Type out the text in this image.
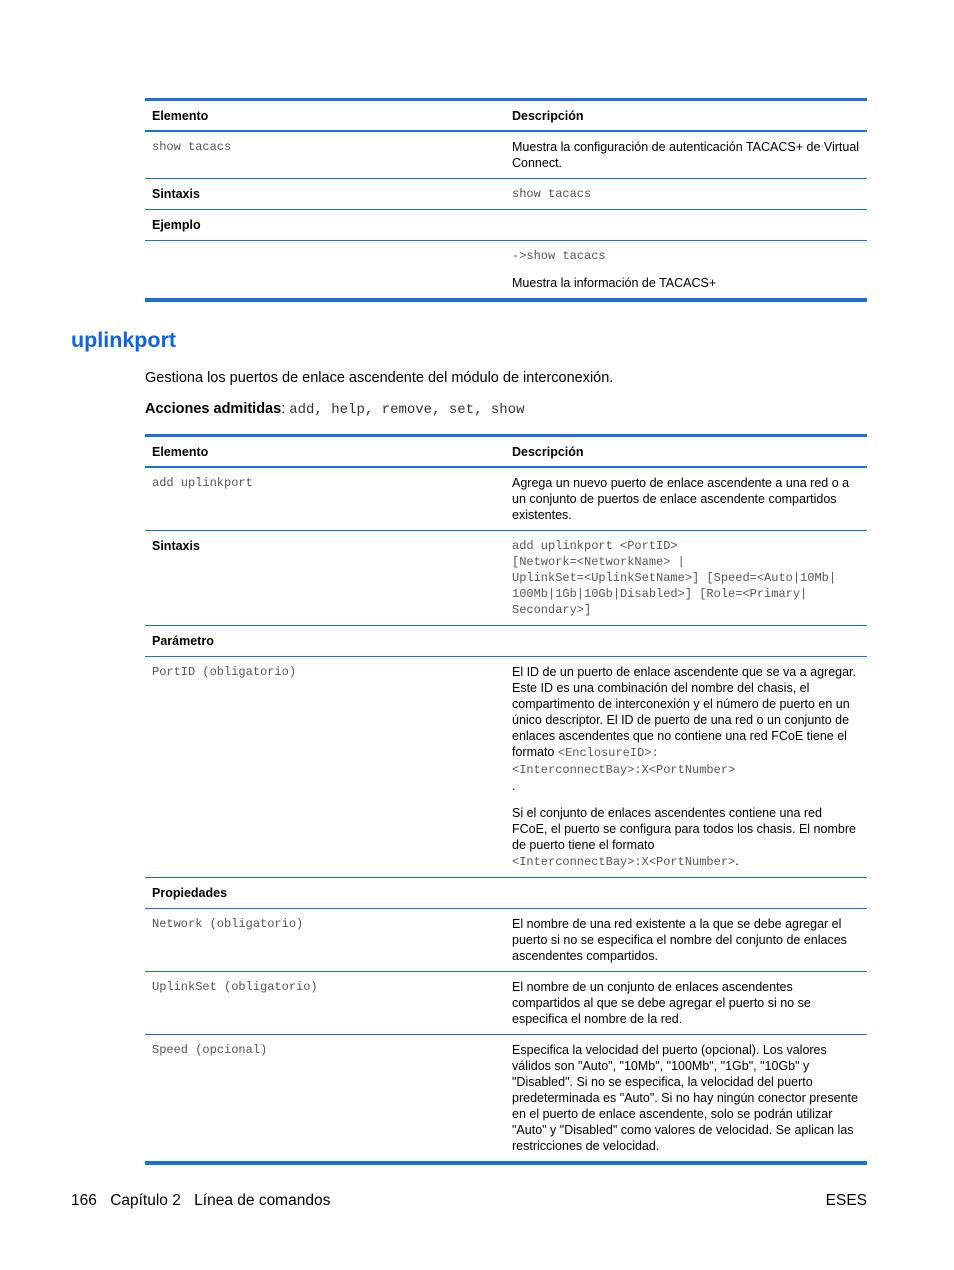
Elemento	Descripción
show tacacs	Muestra la configuración de autenticación TACACS+ de Virtual Connect.
Sintaxis	show tacacs
Ejemplo	

	->show tacacs
Muestra la información de TACACS+
uplinkport

Gestiona los puertos de enlace ascendente del módulo de interconexión.

Acciones admitidas: add, help, remove, set, show

Elemento	Descripción
add uplinkport	Agrega un nuevo puerto de enlace ascendente a una red o a un conjunto de puertos de enlace ascendente compartidos existentes.
Sintaxis	add uplinkport <PortID>
[Network=<NetworkName> |
UplinkSet=<UplinkSetName>] [Speed=<Auto|10Mb|
100Mb|1Gb|10Gb|Disabled>] [Role=<Primary|
Secondary>]

Parámetro	
PortID (obligatorio)	El ID de un puerto de enlace ascendente que se va a agregar. Este ID es una combinación del nombre del chasis, el compartimento de interconexión y el número de puerto en un único descriptor. El ID de puerto de una red o un conjunto de enlaces ascendentes que no contiene una red FCoE tiene el formato <EnclosureID>:<InterconnectBay>:X<PortNumber>
.
Si el conjunto de enlaces ascendentes contiene una red FCoE, el puerto se configura para todos los chasis. El nombre de puerto tiene el formato <InterconnectBay>:X<PortNumber>.

Propiedades	
Network (obligatorio)	El nombre de una red existente a la que se debe agregar el puerto si no se especifica el nombre del conjunto de enlaces ascendentes compartidos.
UplinkSet (obligatorio)	El nombre de un conjunto de enlaces ascendentes compartidos al que se debe agregar el puerto si no se especifica el nombre de la red.
Speed (opcional)	Especifica la velocidad del puerto (opcional). Los valores válidos son "Auto", "10Mb", "100Mb", "1Gb", "10Gb" y "Disabled". Si no se especifica, la velocidad del puerto predeterminada es "Auto". Si no hay ningún conector presente en el puerto de enlace ascendente, solo se podrán utilizar "Auto" y "Disabled" como valores de velocidad. Se aplican las restricciones de velocidad.
166 Capítulo 2 Línea de comandos	ESES
